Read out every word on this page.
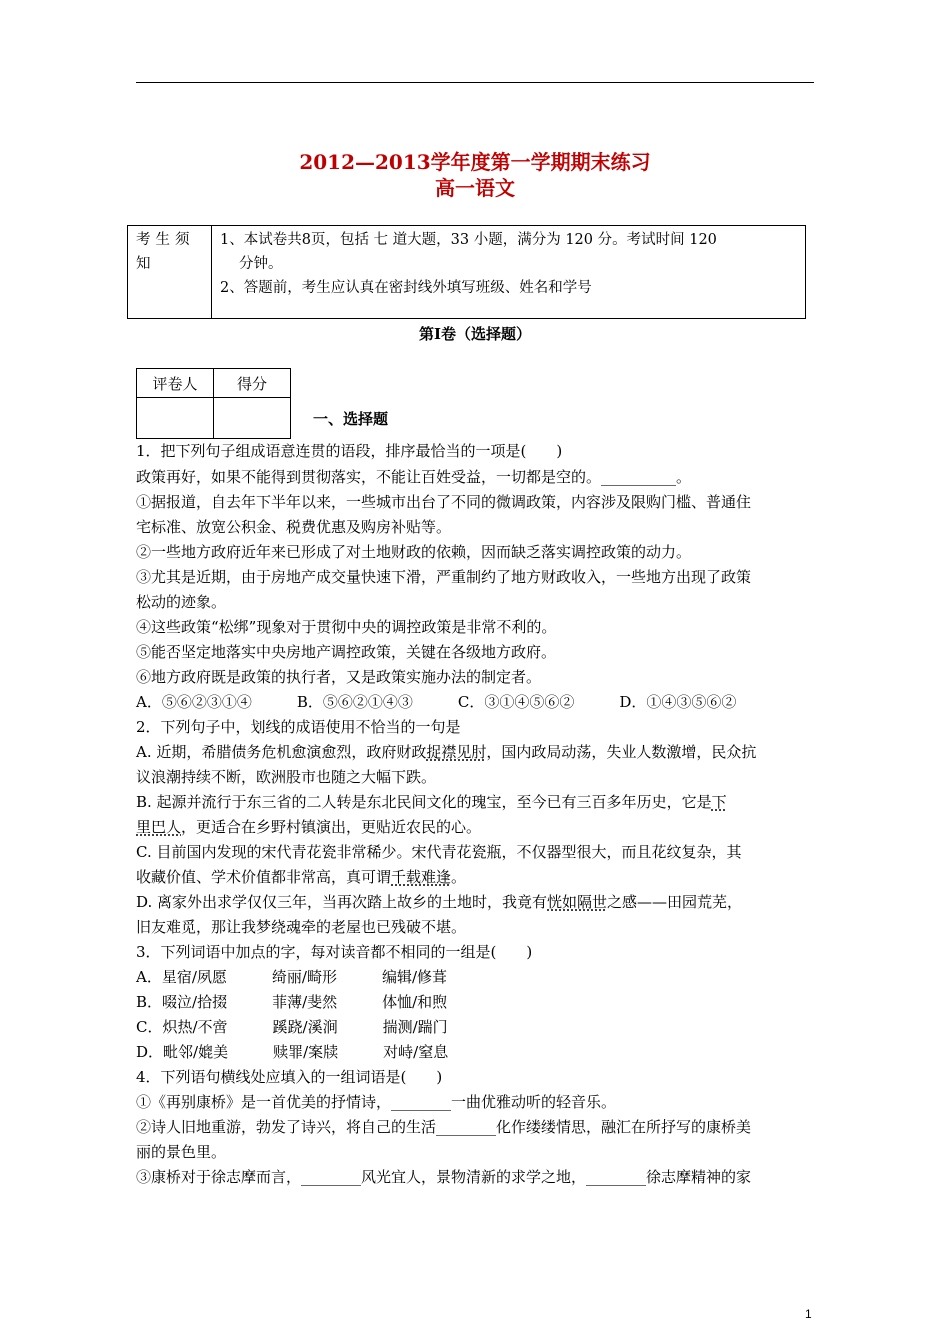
2012—2013学年度第一学期期末练习
高一语文
考生须知
1、本试卷共8页，包括 七 道大题，33 小题，满分为 120 分。考试时间 120
分钟。
2、答题前，考生应认真在密封线外填写班级、姓名和学号
第I卷（选择题）
评卷人	得分

一、选择题
1．把下列句子组成语意连贯的语段，排序最恰当的一项是(　　)
政策再好，如果不能得到贯彻落实，不能让百姓受益，一切都是空的。__________。
①据报道，自去年下半年以来，一些城市出台了不同的微调政策，内容涉及限购门槛、普通住
宅标准、放宽公积金、税费优惠及购房补贴等。
②一些地方政府近年来已形成了对土地财政的依赖，因而缺乏落实调控政策的动力。
③尤其是近期，由于房地产成交量快速下滑，严重制约了地方财政收入，一些地方出现了政策
松动的迹象。
④这些政策“松绑”现象对于贯彻中央的调控政策是非常不利的。
⑤能否坚定地落实中央房地产调控政策，关键在各级地方政府。
⑥地方政府既是政策的执行者，又是政策实施办法的制定者。
A．⑤⑥②③①④　　　B．⑤⑥②①④③　　　C．③①④⑤⑥②　　　D．①④③⑤⑥②
2．下列句子中，划线的成语使用不恰当的一句是
A. 近期，希腊债务危机愈演愈烈，政府财政捉襟见肘，国内政局动荡，失业人数激增，民众抗
议浪潮持续不断，欧洲股市也随之大幅下跌。
B. 起源并流行于东三省的二人转是东北民间文化的瑰宝，至今已有三百多年历史，它是下
里巴人，更适合在乡野村镇演出，更贴近农民的心。
C. 目前国内发现的宋代青花瓷非常稀少。宋代青花瓷瓶，不仅器型很大，而且花纹复杂，其
收藏价值、学术价值都非常高，真可谓千载难逢。
D. 离家外出求学仅仅三年，当再次踏上故乡的土地时，我竟有恍如隔世之感——田园荒芜，
旧友难觅，那让我梦绕魂牵的老屋也已残破不堪。
3．下列词语中加点的字，每对读音都不相同的一组是(　　)
A．星宿/夙愿　　　绮丽/畸形　　　编辑/修葺
B．啜泣/拾掇　　　菲薄/斐然　　　体恤/和煦
C．炽热/不啻　　　蹊跷/溪涧　　　揣测/踹门
D．毗邻/媲美　　　赎罪/案牍　　　对峙/窒息
4．下列语句横线处应填入的一组词语是(　　)
①《再别康桥》是一首优美的抒情诗，________一曲优雅动听的轻音乐。
②诗人旧地重游，勃发了诗兴，将自己的生活________化作缕缕情思，融汇在所抒写的康桥美
丽的景色里。
③康桥对于徐志摩而言，________风光宜人，景物清新的求学之地，________徐志摩精神的家
1
